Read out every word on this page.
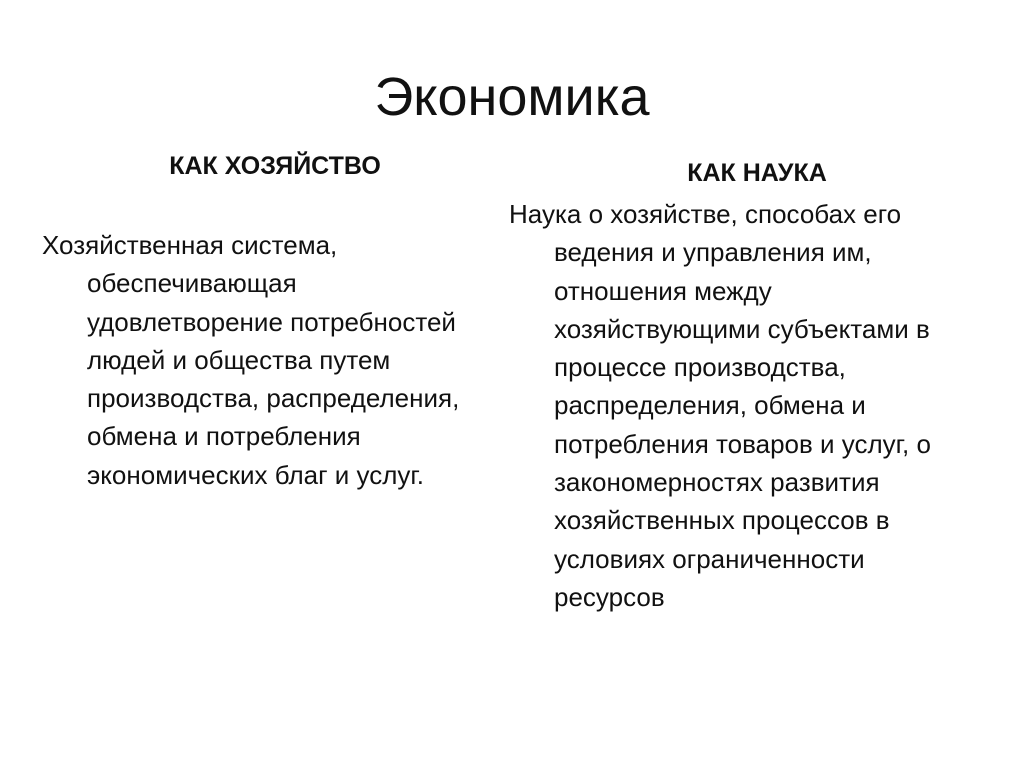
Экономика
КАК ХОЗЯЙСТВО

Хозяйственная система, обеспечивающая удовлетворение потребностей людей и общества путем производства, распределения, обмена и потребления экономических благ и услуг.

КАК НАУКА

Наука о хозяйстве, способах его ведения и управления им, отношения между хозяйствующими субъектами в процессе производства, распределения, обмена и потребления товаров и услуг, о закономерностях развития хозяйственных процессов в условиях ограниченности ресурсов
